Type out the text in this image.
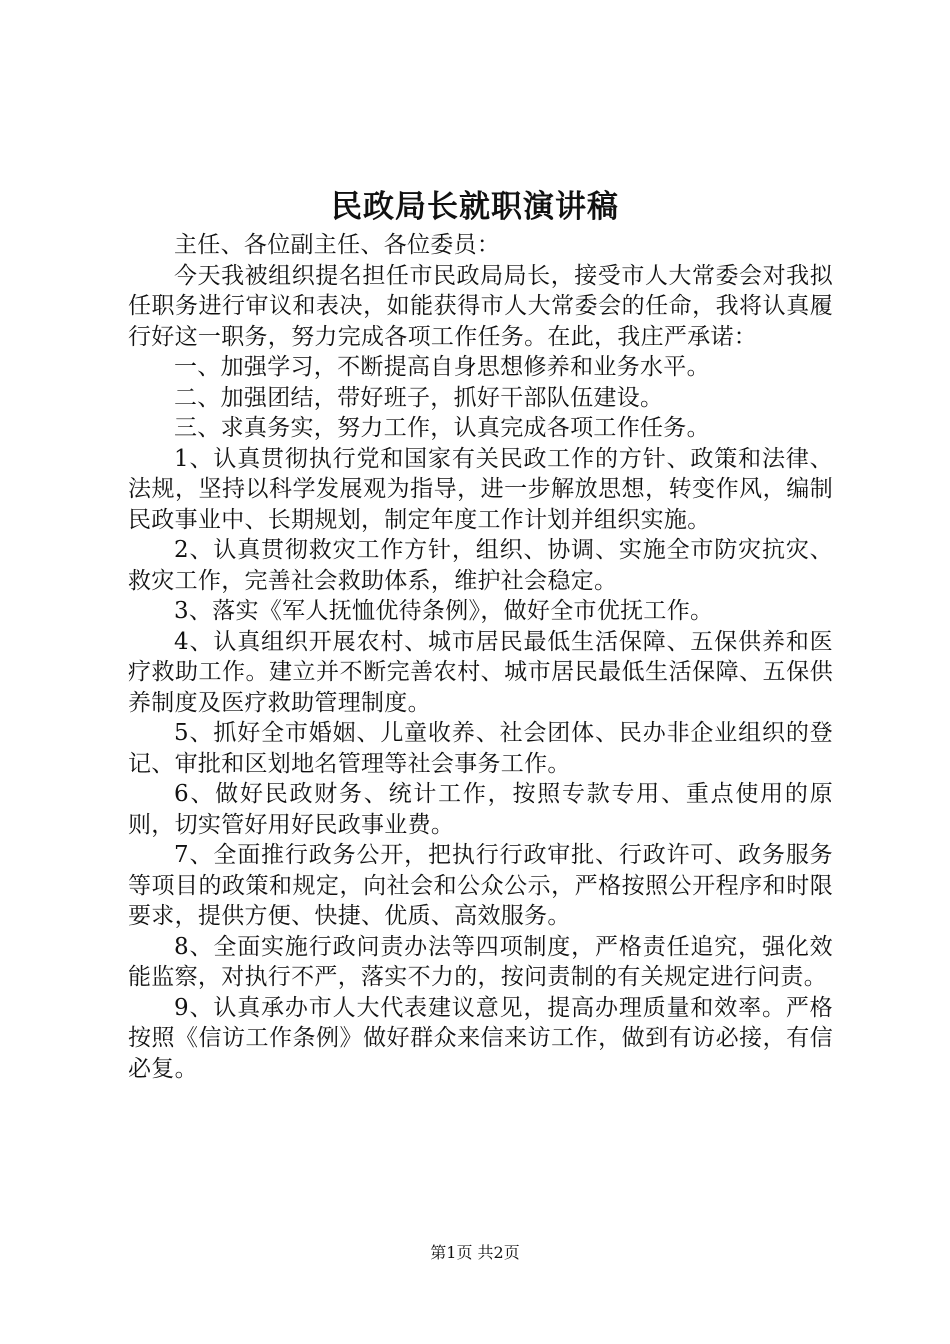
民政局长就职演讲稿

主任、各位副主任、各位委员：

今天我被组织提名担任市民政局局长，接受市人大常委会对我拟任职务进行审议和表决，如能获得市人大常委会的任命，我将认真履行好这一职务，努力完成各项工作任务。在此，我庄严承诺：

一、加强学习，不断提高自身思想修养和业务水平。

二、加强团结，带好班子，抓好干部队伍建设。

三、求真务实，努力工作，认真完成各项工作任务。

1、认真贯彻执行党和国家有关民政工作的方针、政策和法律、法规，坚持以科学发展观为指导，进一步解放思想，转变作风，编制民政事业中、长期规划，制定年度工作计划并组织实施。

2、认真贯彻救灾工作方针，组织、协调、实施全市防灾抗灾、救灾工作，完善社会救助体系，维护社会稳定。

3、落实《军人抚恤优待条例》，做好全市优抚工作。

4、认真组织开展农村、城市居民最低生活保障、五保供养和医疗救助工作。建立并不断完善农村、城市居民最低生活保障、五保供养制度及医疗救助管理制度。

5、抓好全市婚姻、儿童收养、社会团体、民办非企业组织的登记、审批和区划地名管理等社会事务工作。

6、做好民政财务、统计工作，按照专款专用、重点使用的原则，切实管好用好民政事业费。

7、全面推行政务公开，把执行行政审批、行政许可、政务服务等项目的政策和规定，向社会和公众公示，严格按照公开程序和时限要求，提供方便、快捷、优质、高效服务。

8、全面实施行政问责办法等四项制度，严格责任追究，强化效能监察，对执行不严，落实不力的，按问责制的有关规定进行问责。

9、认真承办市人大代表建议意见，提高办理质量和效率。严格按照《信访工作条例》做好群众来信来访工作，做到有访必接，有信必复。

第1页 共2页
